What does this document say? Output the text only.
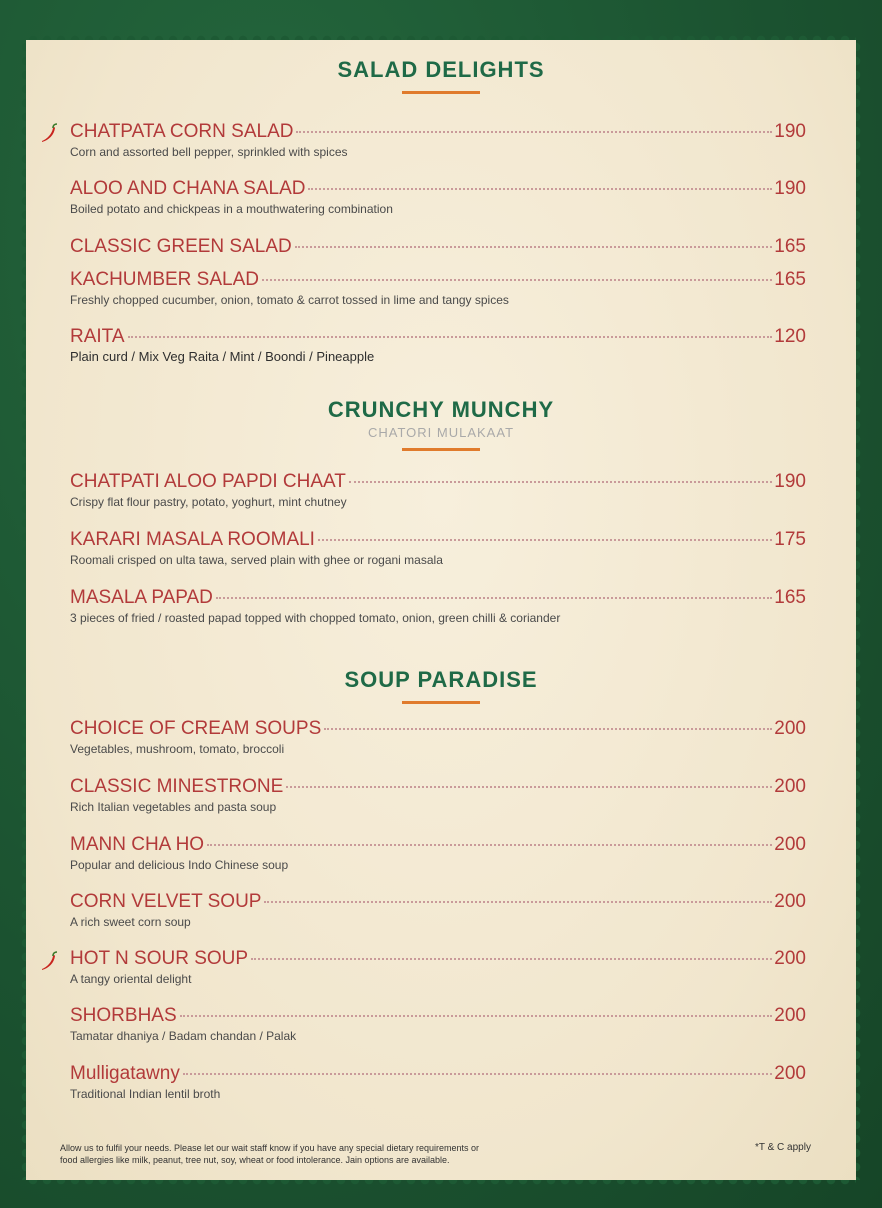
SALAD DELIGHTS
CHATPATA CORN SALAD	190
Corn and assorted bell pepper, sprinkled with spices
ALOO AND CHANA SALAD	190
Boiled potato and chickpeas in a mouthwatering combination
CLASSIC GREEN SALAD	165
KACHUMBER SALAD	165
Freshly chopped cucumber, onion, tomato & carrot tossed in lime and tangy spices
RAITA	120
Plain curd / Mix Veg Raita / Mint / Boondi / Pineapple
CRUNCHY MUNCHY
CHATORI MULAKAAT
CHATPATI ALOO PAPDI CHAAT	190
Crispy flat flour pastry, potato, yoghurt, mint chutney
KARARI MASALA ROOMALI	175
Roomali crisped on ulta tawa, served plain with ghee or rogani masala
MASALA PAPAD	165
3 pieces of fried / roasted papad topped with chopped tomato, onion, green chilli & coriander
SOUP PARADISE
CHOICE OF CREAM SOUPS	200
Vegetables, mushroom, tomato, broccoli
CLASSIC MINESTRONE	200
Rich Italian vegetables and pasta soup
MANN CHA HO	200
Popular and delicious Indo Chinese soup
CORN VELVET SOUP	200
A rich sweet corn soup
HOT N SOUR SOUP	200
A tangy oriental delight
SHORBHAS	200
Tamatar dhaniya / Badam chandan / Palak
Mulligatawny	200
Traditional Indian lentil broth
Allow us to fulfil your needs. Please let our wait staff know if you have any special dietary requirements or
food allergies like milk, peanut, tree nut, soy, wheat or food intolerance. Jain options are available.
*T & C apply
